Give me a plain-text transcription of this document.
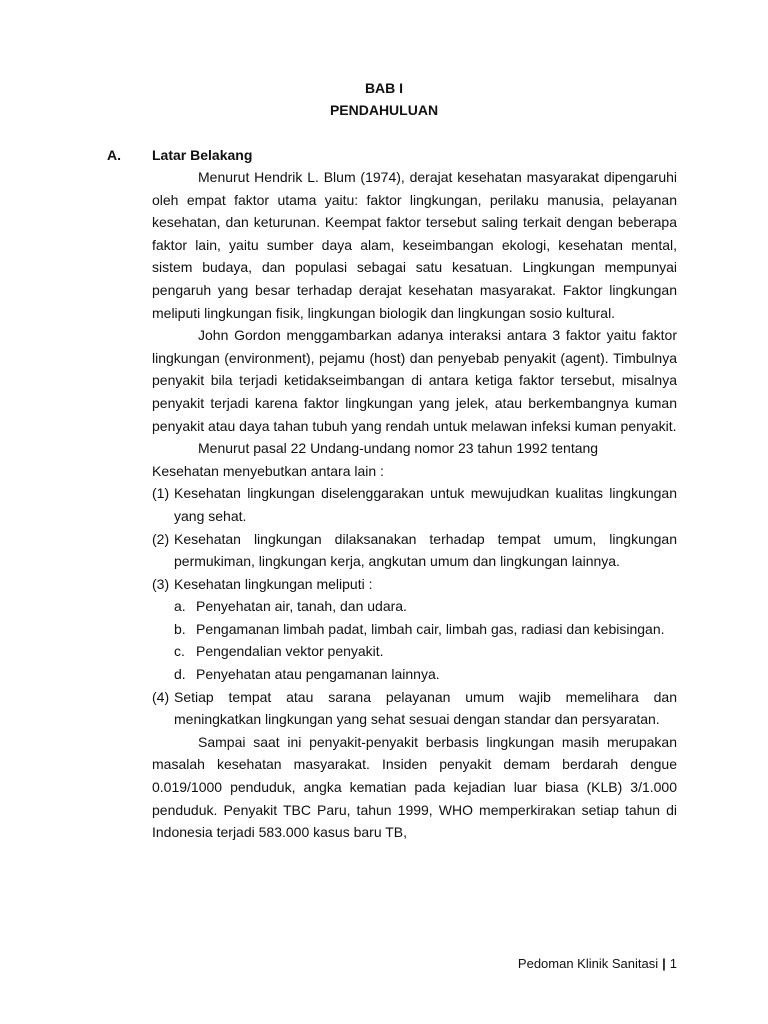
BAB I
PENDAHULUAN
A. Latar Belakang

Menurut Hendrik L. Blum (1974), derajat kesehatan masyarakat dipengaruhi oleh empat faktor utama yaitu: faktor lingkungan, perilaku manusia, pelayanan kesehatan, dan keturunan. Keempat faktor tersebut saling terkait dengan beberapa faktor lain, yaitu sumber daya alam, keseimbangan ekologi, kesehatan mental, sistem budaya, dan populasi sebagai satu kesatuan. Lingkungan mempunyai pengaruh yang besar terhadap derajat kesehatan masyarakat. Faktor lingkungan meliputi lingkungan fisik, lingkungan biologik dan lingkungan sosio kultural.

John Gordon menggambarkan adanya interaksi antara 3 faktor yaitu faktor lingkungan (environment), pejamu (host) dan penyebab penyakit (agent). Timbulnya penyakit bila terjadi ketidakseimbangan di antara ketiga faktor tersebut, misalnya penyakit terjadi karena faktor lingkungan yang jelek, atau berkembangnya kuman penyakit atau daya tahan tubuh yang rendah untuk melawan infeksi kuman penyakit.

Menurut pasal 22 Undang-undang nomor 23 tahun 1992 tentang

Kesehatan menyebutkan antara lain :
(1) Kesehatan lingkungan diselenggarakan untuk mewujudkan kualitas lingkungan yang sehat.
(2) Kesehatan lingkungan dilaksanakan terhadap tempat umum, lingkungan permukiman, lingkungan kerja, angkutan umum dan lingkungan lainnya.
(3) Kesehatan lingkungan meliputi :
a. Penyehatan air, tanah, dan udara.
b. Pengamanan limbah padat, limbah cair, limbah gas, radiasi dan kebisingan.
c. Pengendalian vektor penyakit.
d. Penyehatan atau pengamanan lainnya.
(4) Setiap tempat atau sarana pelayanan umum wajib memelihara dan meningkatkan lingkungan yang sehat sesuai dengan standar dan persyaratan.

Sampai saat ini penyakit-penyakit berbasis lingkungan masih merupakan masalah kesehatan masyarakat. Insiden penyakit demam berdarah dengue 0.019/1000 penduduk, angka kematian pada kejadian luar biasa (KLB) 3/1.000 penduduk. Penyakit TBC Paru, tahun 1999, WHO memperkirakan setiap tahun di Indonesia terjadi 583.000 kasus baru TB,

Pedoman Klinik Sanitasi | 1
